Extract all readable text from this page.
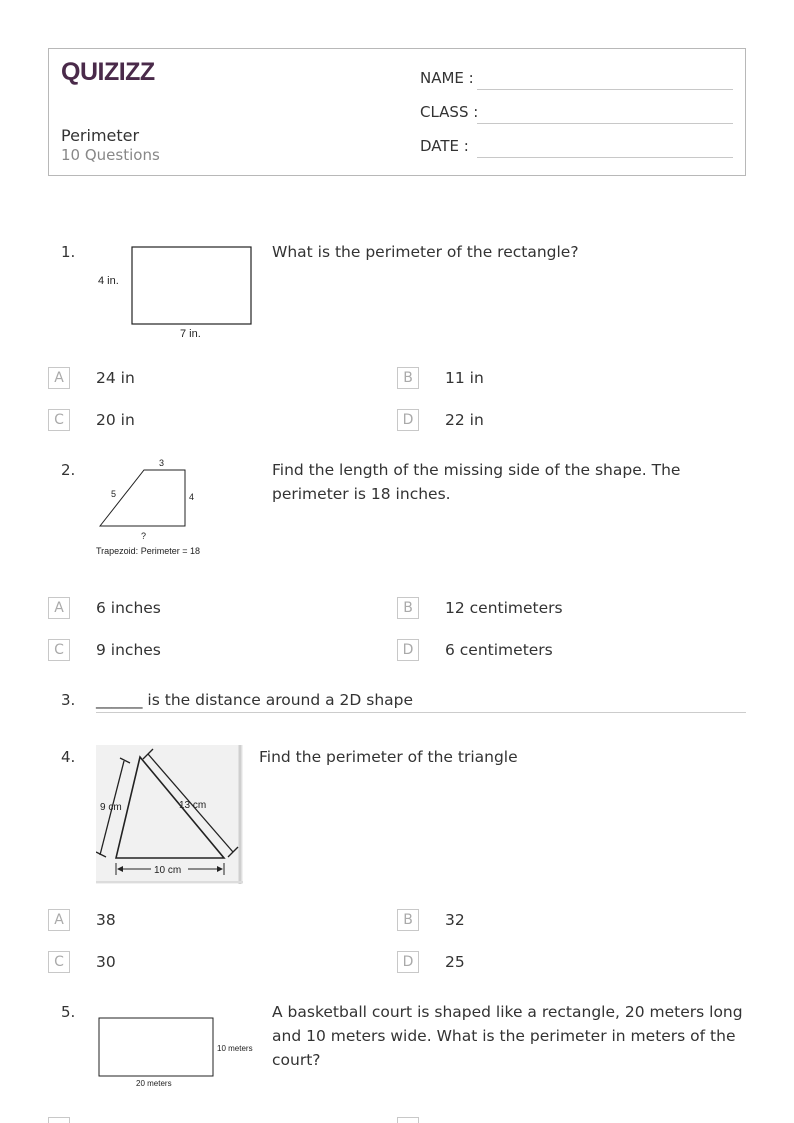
QUIZIZZ
Perimeter
10 Questions
NAME :
CLASS :
DATE :
1.
4 in.
7 in.
What is the perimeter of the rectangle?
A	24 in	B	11 in
C	20 in	D	22 in
2.	3
5	4
?
Trapezoid: Perimeter = 18
Find the length of the missing side of the shape. The perimeter is 18 inches.
A	6 inches	B	12 centimeters
C	9 inches	D	6 centimeters
3. ______ is the distance around a 2D shape
4.
9 cm	13 cm
10 cm
Find the perimeter of the triangle
A	38	B	32
C	30	D	25
5.
10 meters
20 meters
A basketball court is shaped like a rectangle, 20 meters long and 10 meters wide. What is the perimeter in meters of the court?
